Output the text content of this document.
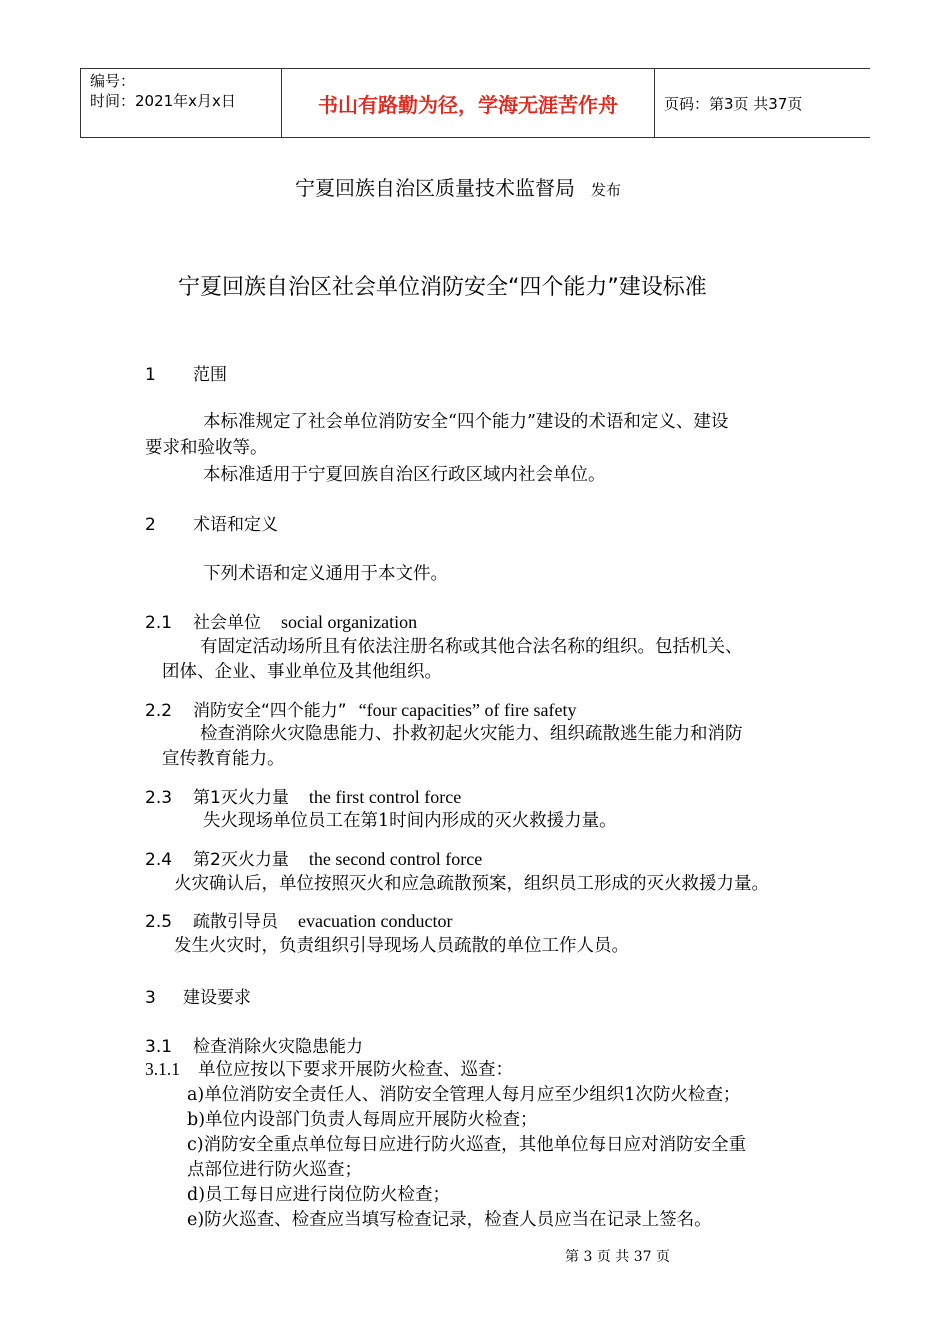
编号：
时间：2021年x月x日	书山有路勤为径，学海无涯苦作舟	页码：第3页 共37页
宁夏回族自治区质量技术监督局 发布
宁夏回族自治区社会单位消防安全“四个能力”建设标准
1 范围
本标准规定了社会单位消防安全“四个能力”建设的术语和定义、建设
要求和验收等。
本标准适用于宁夏回族自治区行政区域内社会单位。
2 术语和定义
下列术语和定义通用于本文件。
2.1 社会单位 social organization
有固定活动场所且有依法注册名称或其他合法名称的组织。包括机关、
团体、企业、事业单位及其他组织。
2.2 消防安全“四个能力” “four capacities” of fire safety
检查消除火灾隐患能力、扑救初起火灾能力、组织疏散逃生能力和消防
宣传教育能力。
2.3 第1灭火力量 the first control force
失火现场单位员工在第1时间内形成的灭火救援力量。
2.4 第2灭火力量 the second control force
火灾确认后，单位按照灭火和应急疏散预案，组织员工形成的灭火救援力量。
2.5 疏散引导员 evacuation conductor
发生火灾时，负责组织引导现场人员疏散的单位工作人员。
3 建设要求
3.1 检查消除火灾隐患能力
3.1.1 单位应按以下要求开展防火检查、巡查：
a)单位消防安全责任人、消防安全管理人每月应至少组织1次防火检查；
b)单位内设部门负责人每周应开展防火检查；
c)消防安全重点单位每日应进行防火巡查，其他单位每日应对消防安全重
点部位进行防火巡查；
d)员工每日应进行岗位防火检查；
e)防火巡查、检查应当填写检查记录，检查人员应当在记录上签名。
第 3 页 共 37 页
